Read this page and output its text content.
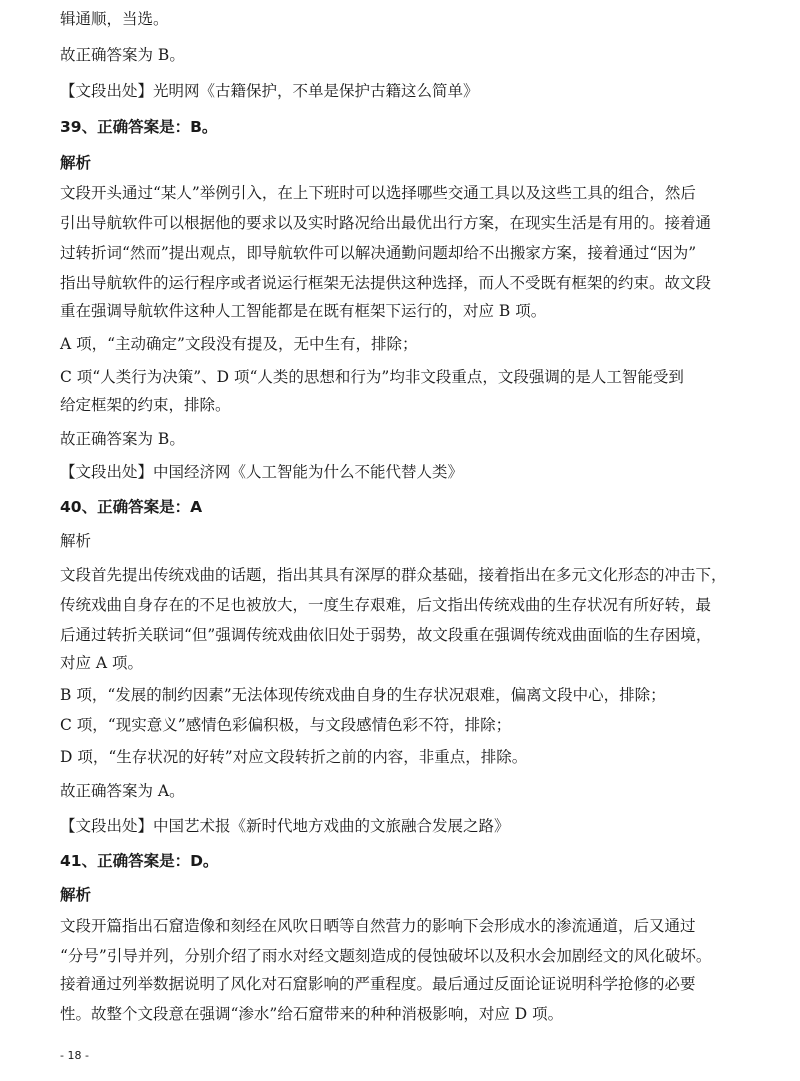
辑通顺，当选。
故正确答案为 B。
【文段出处】光明网《古籍保护，不单是保护古籍这么简单》
39、正确答案是：B。
解析
文段开头通过“某人”举例引入，在上下班时可以选择哪些交通工具以及这些工具的组合，然后
引出导航软件可以根据他的要求以及实时路况给出最优出行方案，在现实生活是有用的。接着通
过转折词“然而”提出观点，即导航软件可以解决通勤问题却给不出搬家方案，接着通过“因为”
指出导航软件的运行程序或者说运行框架无法提供这种选择，而人不受既有框架的约束。故文段
重在强调导航软件这种人工智能都是在既有框架下运行的，对应 B 项。
A 项，“主动确定”文段没有提及，无中生有，排除；
C 项“人类行为决策”、D 项“人类的思想和行为”均非文段重点，文段强调的是人工智能受到
给定框架的约束，排除。
故正确答案为 B。
【文段出处】中国经济网《人工智能为什么不能代替人类》
40、正确答案是：A
解析
文段首先提出传统戏曲的话题，指出其具有深厚的群众基础，接着指出在多元文化形态的冲击下，
传统戏曲自身存在的不足也被放大，一度生存艰难，后文指出传统戏曲的生存状况有所好转，最
后通过转折关联词“但”强调传统戏曲依旧处于弱势，故文段重在强调传统戏曲面临的生存困境，
对应 A 项。
B 项，“发展的制约因素”无法体现传统戏曲自身的生存状况艰难，偏离文段中心，排除；
C 项，“现实意义”感情色彩偏积极，与文段感情色彩不符，排除；
D 项，“生存状况的好转”对应文段转折之前的内容，非重点，排除。
故正确答案为 A。
【文段出处】中国艺术报《新时代地方戏曲的文旅融合发展之路》
41、正确答案是：D。
解析
文段开篇指出石窟造像和刻经在风吹日晒等自然营力的影响下会形成水的渗流通道，后又通过
“分号”引导并列，分别介绍了雨水对经文题刻造成的侵蚀破坏以及积水会加剧经文的风化破坏。
接着通过列举数据说明了风化对石窟影响的严重程度。最后通过反面论证说明科学抢修的必要
性。故整个文段意在强调“渗水”给石窟带来的种种消极影响，对应 D 项。
- 18 -
